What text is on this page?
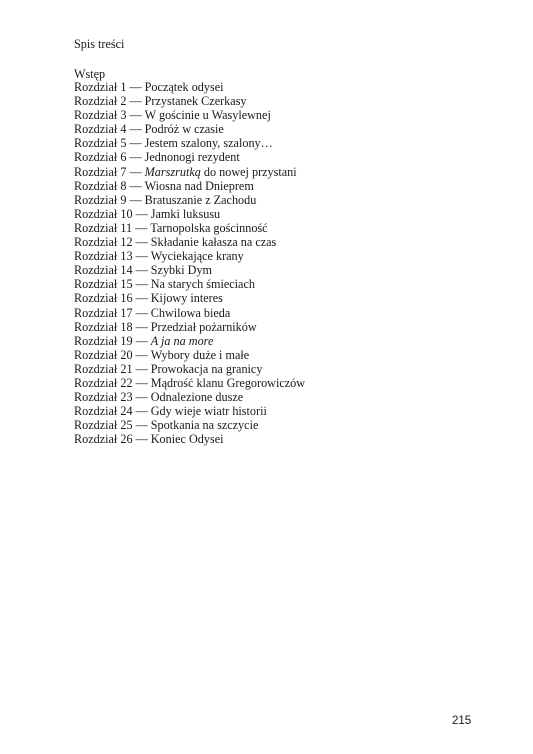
Spis treści
Wstęp
Rozdział 1 — Początek odysei
Rozdział 2 — Przystanek Czerkasy
Rozdział 3 — W gościnie u Wasylewnej
Rozdział 4 — Podróż w czasie
Rozdział 5 — Jestem szalony, szalony…
Rozdział 6 — Jednonogi rezydent
Rozdział 7 — Marszrutką do nowej przystani
Rozdział 8 — Wiosna nad Dnieprem
Rozdział 9 — Bratuszanie z Zachodu
Rozdział 10 — Jamki luksusu
Rozdział 11 — Tarnopolska gościnność
Rozdział 12 — Składanie kałasza na czas
Rozdział 13 — Wyciekające krany
Rozdział 14 — Szybki Dym
Rozdział 15 — Na starych śmieciach
Rozdział 16 — Kijowy interes
Rozdział 17 — Chwilowa bieda
Rozdział 18 — Przedział pożarników
Rozdział 19 — A ja na more
Rozdział 20 — Wybory duże i małe
Rozdział 21 — Prowokacja na granicy
Rozdział 22 — Mądrość klanu Gregorowiczów
Rozdział 23 — Odnalezione dusze
Rozdział 24 — Gdy wieje wiatr historii
Rozdział 25 — Spotkania na szczycie
Rozdział 26 — Koniec Odysei
215
